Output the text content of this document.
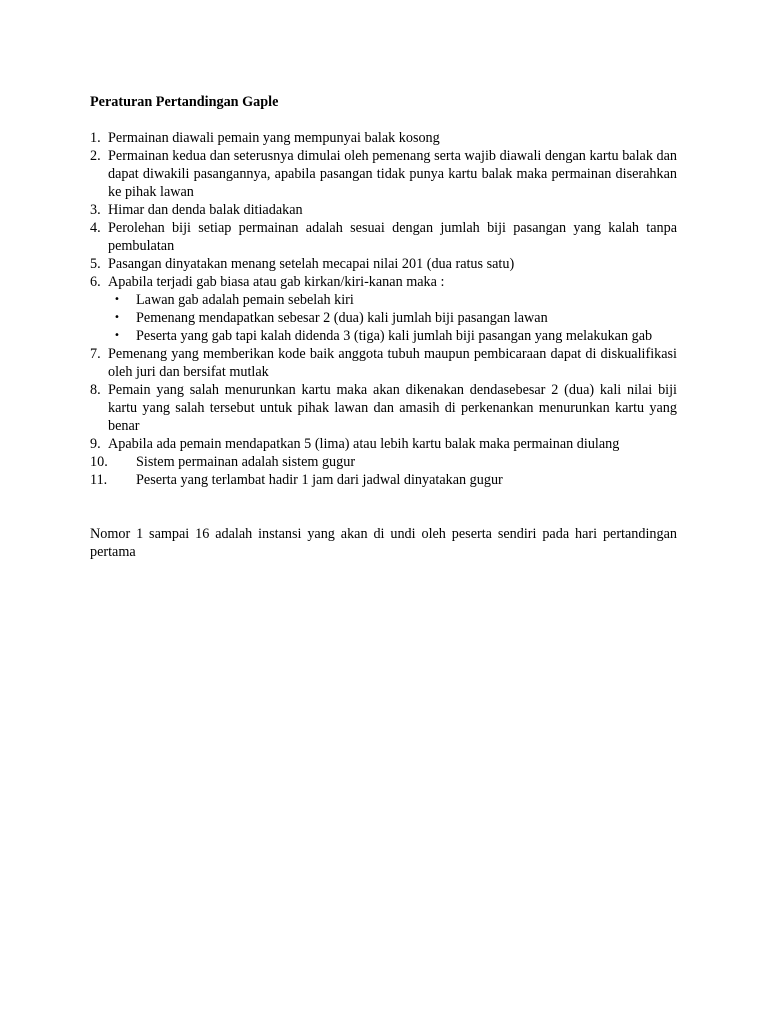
Peraturan Pertandingan Gaple
1. Permainan diawali pemain yang mempunyai balak kosong
2. Permainan kedua dan seterusnya dimulai oleh pemenang serta wajib diawali dengan kartu balak dan dapat diwakili pasangannya, apabila pasangan tidak punya kartu balak maka permainan diserahkan ke pihak lawan
3. Himar dan denda balak ditiadakan
4. Perolehan biji setiap permainan adalah sesuai dengan jumlah biji pasangan yang kalah tanpa pembulatan
5. Pasangan dinyatakan menang setelah mecapai nilai 201 (dua ratus satu)
6. Apabila terjadi gab biasa atau gab kirkan/kiri-kanan maka :
•	Lawan gab adalah pemain sebelah kiri
•	Pemenang mendapatkan sebesar 2 (dua) kali jumlah biji pasangan lawan
•	Peserta yang gab tapi kalah didenda 3 (tiga) kali jumlah biji pasangan yang melakukan gab
7. Pemenang yang memberikan kode baik anggota tubuh maupun pembicaraan dapat di diskualifikasi oleh juri dan bersifat mutlak
8. Pemain yang salah menurunkan kartu maka akan dikenakan dendasebesar 2 (dua) kali nilai biji kartu yang salah tersebut untuk pihak lawan dan amasih di perkenankan menurunkan kartu yang benar
9. Apabila ada pemain mendapatkan 5 (lima) atau lebih kartu balak maka permainan diulang
10.	Sistem permainan adalah sistem gugur
11.	Peserta yang terlambat hadir 1 jam dari jadwal dinyatakan gugur
Nomor 1 sampai 16 adalah instansi yang akan di undi oleh peserta sendiri pada hari pertandingan pertama
